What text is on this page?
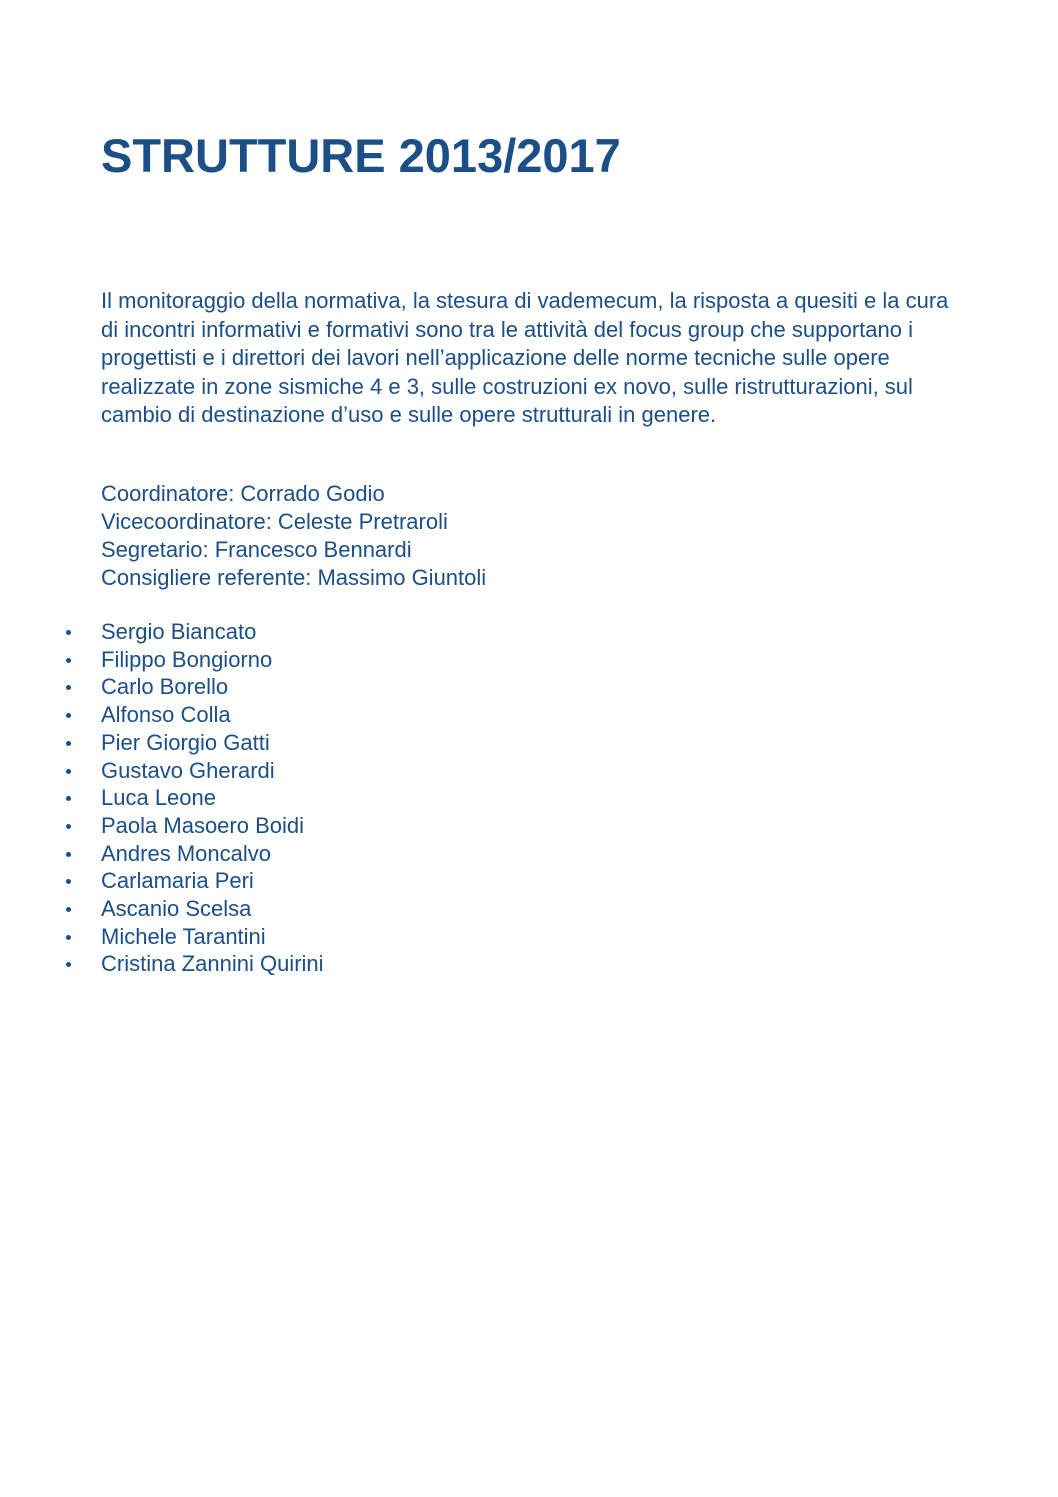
STRUTTURE 2013/2017

Il monitoraggio della normativa, la stesura di vademecum, la risposta a quesiti e la cura di incontri informativi e formativi sono tra le attività del focus group che supportano i progettisti e i direttori dei lavori nell’applicazione delle norme tecniche sulle opere realizzate in zone sismiche 4 e 3, sulle costruzioni ex novo, sulle ristrutturazioni, sul cambio di destinazione d’uso e sulle opere strutturali in genere.

Coordinatore: Corrado Godio
Vicecoordinatore: Celeste Pretraroli
Segretario: Francesco Bennardi
Consigliere referente: Massimo Giuntoli
Sergio Biancato
Filippo Bongiorno
Carlo Borello
Alfonso Colla
Pier Giorgio Gatti
Gustavo Gherardi
Luca Leone
Paola Masoero Boidi
Andres Moncalvo
Carlamaria Peri
Ascanio Scelsa
Michele Tarantini
Cristina Zannini Quirini
